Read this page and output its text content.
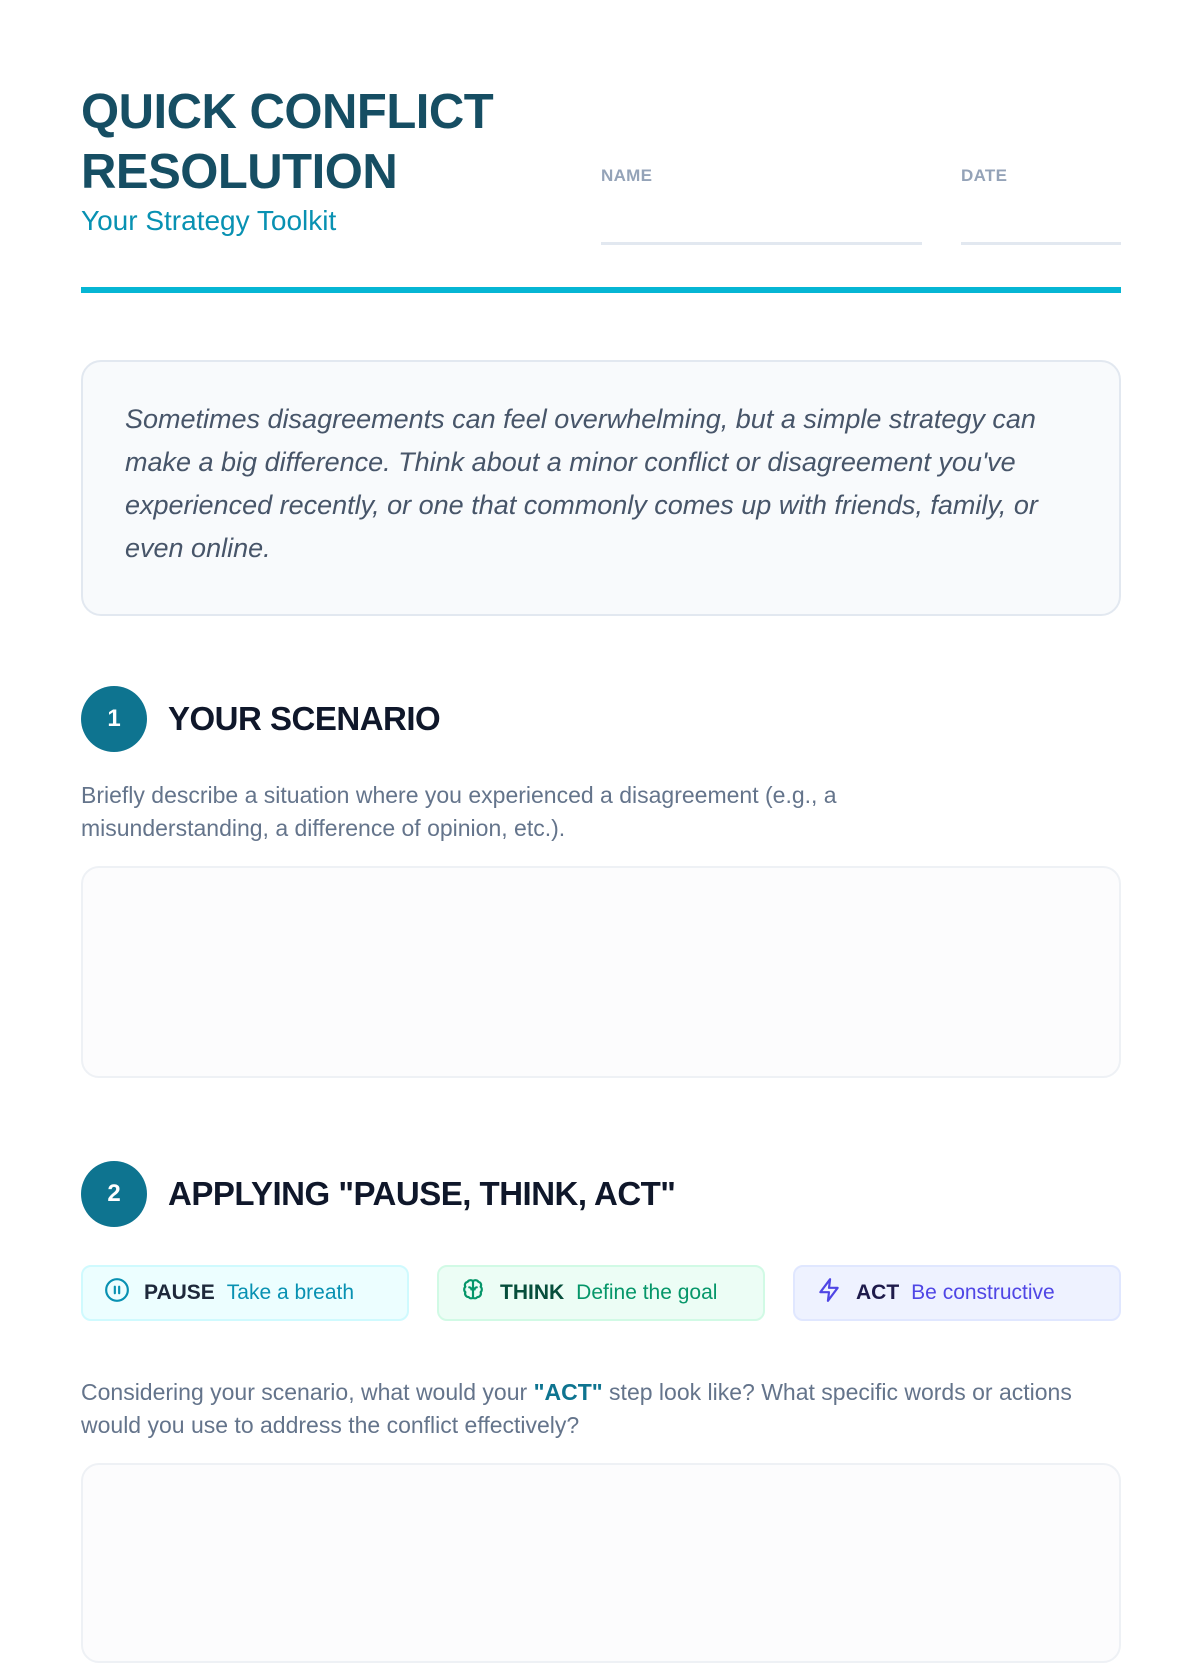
QUICK CONFLICT
RESOLUTION
Your Strategy Toolkit
NAME	DATE

Sometimes disagreements can feel overwhelming, but a simple strategy can make a big difference. Think about a minor conflict or disagreement you've experienced recently, or one that commonly comes up with friends, family, or even online.

1	YOUR SCENARIO

Briefly describe a situation where you experienced a disagreement (e.g., a misunderstanding, a difference of opinion, etc.).

2	APPLYING "PAUSE, THINK, ACT"
PAUSE Take a breath	THINK Define the goal	ACT Be constructive

Considering your scenario, what would your "ACT" step look like? What specific words or actions would you use to address the conflict effectively?
